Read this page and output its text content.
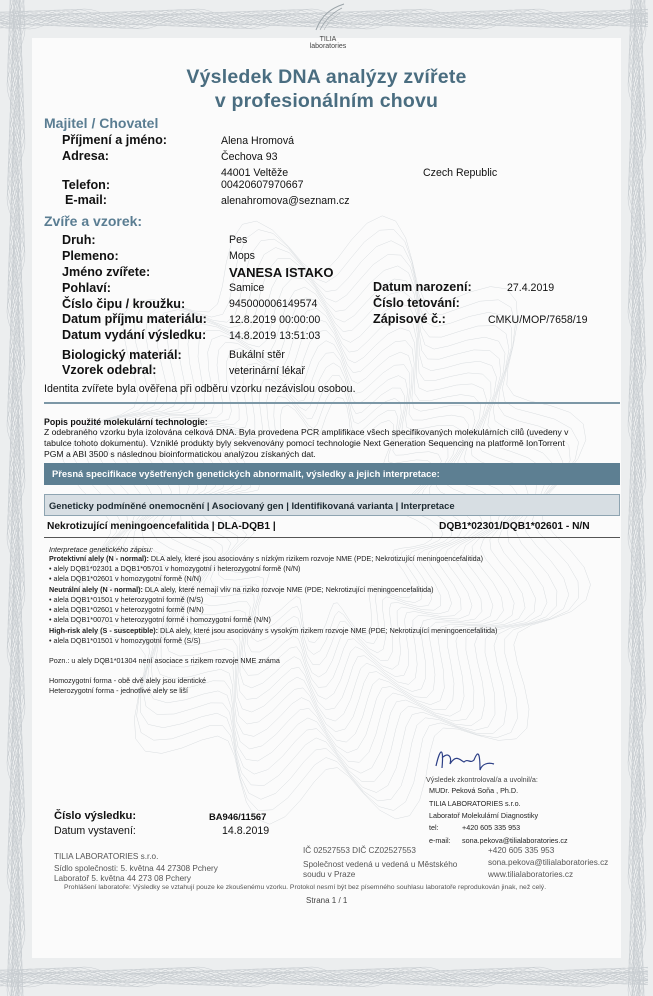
TILIA
laboratories
Výsledek DNA analýzy zvířete
v profesionálním chovu
Majitel / Chovatel
Příjmení a jméno:	Alena Hromová
Adresa:	Čechova 93
44001 Veltěže	Czech Republic
Telefon:	00420607970667
E-mail:	alenahromova@seznam.cz
Zvíře a vzorek:
Druh:	Pes
Plemeno:	Mops
Jméno zvířete:	VANESA ISTAKO
Pohlaví:	Samice	Datum narození:	27.4.2019
Číslo čipu / kroužku:	945000006149574	Číslo tetování:
Datum příjmu materiálu: 12.8.2019 00:00:00	Zápisové č.:	CMKU/MOP/7658/19
Datum vydání výsledku: 14.8.2019 13:51:03
Biologický materiál:	Bukální stěr
Vzorek odebral:	veterinární lékař
Identita zvířete byla ověřena při odběru vzorku nezávislou osobou.
Popis použité molekulární technologie:
Z odebraného vzorku byla izolována celková DNA. Byla provedena PCR amplifikace všech specifikovaných molekulárních cílů (uvedeny v
tabulce tohoto dokumentu). Vzniklé produkty byly sekvenovány pomocí technologie Next Generation Sequencing na platformě IonTorrent
PGM a ABI 3500 s následnou bioinformatickou analýzou získaných dat.
Přesná specifikace vyšetřených genetických abnormalit, výsledky a jejich interpretace:
Geneticky podmíněné onemocnění | Asociovaný gen | Identifikovaná varianta | Interpretace
Nekrotizující meningoencefalitida | DLA-DQB1 |	DQB1*02301/DQB1*02601 - N/N
Interpretace genetického zápisu:
Protektivní alely (N - normal): DLA alely, které jsou asociovány s nízkým rizikem rozvoje NME (PDE; Nekrotizující meningoencefalitida)
• alely DQB1*02301 a DQB1*05701 v homozygotní i heterozygotní formě (N/N)
• alela DQB1*02601 v homozygotní formě (N/N)
Neutrální alely (N - normal): DLA alely, které nemají vliv na riziko rozvoje NME (PDE; Nekrotizující meningoencefalitida)
• alela DQB1*01501 v heterozygotní formě (N/S)
• alela DQB1*02601 v heterozygotní formě (N/N)
• alela DQB1*00701 v heterozygotní formě i homozygotní formě (N/N)
High-risk alely (S - susceptible): DLA alely, které jsou asociovány s vysokým rizikem rozvoje NME (PDE; Nekrotizující meningoencefalitida)
• alela DQB1*01501 v homozygotní formě (S/S)
Pozn.: u alely DQB1*01304 není asociace s rizikem rozvoje NME známa
Homozygotní forma - obě dvě alely jsou identické
Heterozygotní forma - jednotlivé alely se liší
Výsledek zkontroloval/a a uvolnil/a:
MUDr. Peková Soňa , Ph.D.
TILIA LABORATORIES s.r.o.
Laboratoř Molekulární Diagnostiky
tel:	+420 605 335 953
e-mail: sona.pekova@tilialaboratories.cz
Číslo výsledku:	BA946/11567
Datum vystavení:	14.8.2019
TILIA LABORATORIES s.r.o.
Sídlo společnosti: 5. května 44 27308 Pchery
Laboratoř 5. května 44 273 08 Pchery
IČ 02527553 DIČ CZ02527553
Společnost vedená u vedená u Městského
soudu v Praze
+420 605 335 953
sona.pekova@tilialaboratories.cz
www.tilialaboratories.cz
Prohlášení laboratoře: Výsledky se vztahují pouze ke zkoušenému vzorku. Protokol nesmí být bez písemného souhlasu laboratoře reprodukován jinak, než celý.
Strana 1 / 1
